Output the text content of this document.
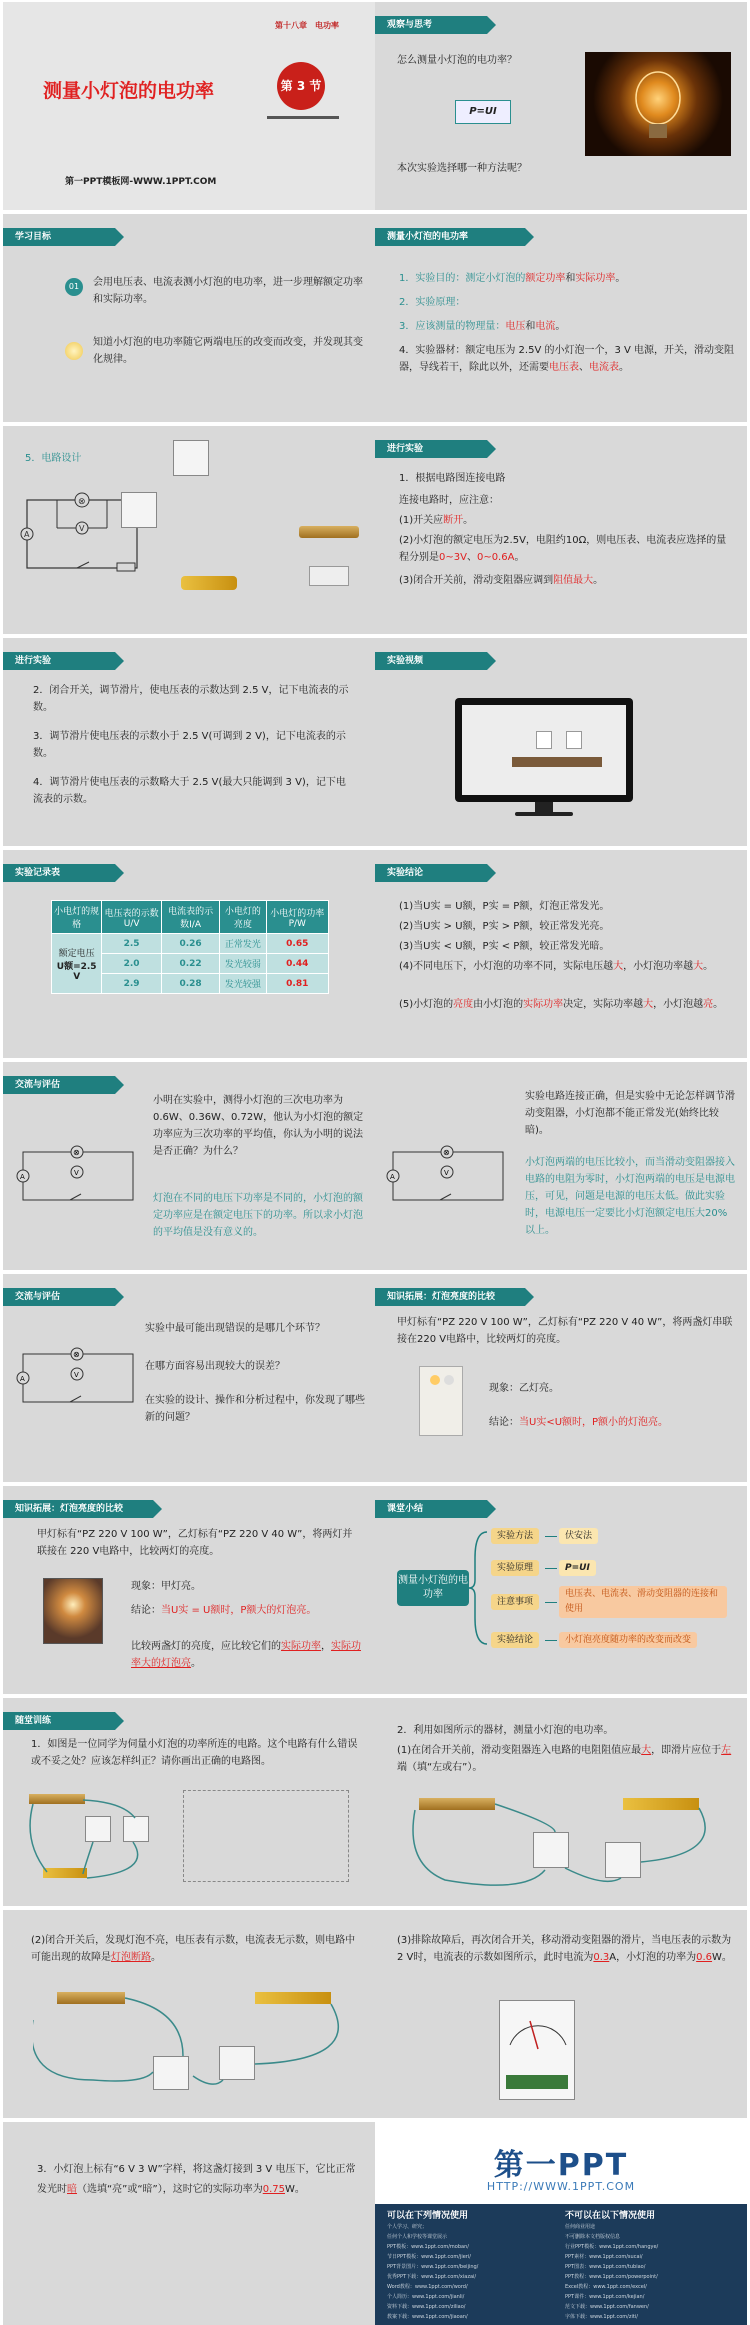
第十八章　电功率
测量小灯泡的电功率	第 3 节
第一PPT模板网-WWW.1PPT.COM
观察与思考
怎么测量小灯泡的电功率？
P=UI
本次实验选择哪一种方法呢？
学习目标
01	会用电压表、电流表测小灯泡的电功率，进一步理解额定功率和实际功率。
知道小灯泡的电功率随它两端电压的改变而改变，并发现其变化规律。
测量小灯泡的电功率
1．实验目的：测定小灯泡的额定功率和实际功率。
2．实验原理：
3．应该测量的物理量：电压和电流。
4．实验器材：额定电压为 2.5V 的小灯泡一个，3 V 电源，开关，滑动变阻器，导线若干，除此以外，还需要电压表、电流表。
5．电路设计
⊗
V
A
进行实验
1．根据电路图连接电路
连接电路时，应注意：
(1)开关应断开。
(2)小灯泡的额定电压为2.5V，电阻约10Ω，则电压表、电流表应选择的量程分别是0~3V、0~0.6A。
(3)闭合开关前，滑动变阻器应调到阻值最大。
进行实验
2．闭合开关，调节滑片，使电压表的示数达到 2.5 V，记下电流表的示数。
3．调节滑片使电压表的示数小于 2.5 V(可调到 2 V)，记下电流表的示数。
4．调节滑片使电压表的示数略大于 2.5 V(最大只能调到 3 V)，记下电流表的示数。
实验视频
实验记录表
小电灯的规格	电压表的示数U/V	电流表的示数I/A	小电灯的亮度	小电灯的功率P/W
额定电压
U额=2.5 V	2.5	0.26	正常发光	0.65
	2.0	0.22	发光较弱	0.44
	2.9	0.28	发光较强	0.81
实验结论
(1)当U实 = U额，P实 = P额，灯泡正常发光。
(2)当U实 > U额，P实 > P额，较正常发光亮。
(3)当U实 < U额，P实 < P额，较正常发光暗。
(4)不同电压下，小灯泡的功率不同，实际电压越大，小灯泡功率越大。
(5)小灯泡的亮度由小灯泡的实际功率决定，实际功率越大，小灯泡越亮。
交流与评估
⊗
V
A
小明在实验中，测得小灯泡的三次电功率为0.6W、0.36W、0.72W，他认为小灯泡的额定功率应为三次功率的平均值，你认为小明的说法是否正确？为什么？
灯泡在不同的电压下功率是不同的，小灯泡的额定功率应是在额定电压下的功率。所以求小灯泡的平均值是没有意义的。
⊗
V
A
实验电路连接正确，但是实验中无论怎样调节滑动变阻器，小灯泡都不能正常发光(始终比较暗)。
小灯泡两端的电压比较小，而当滑动变阻器接入电路的电阻为零时，小灯泡两端的电压是电源电压，可见，问题是电源的电压太低。做此实验时，电源电压一定要比小灯泡额定电压大20%以上。
交流与评估
⊗
V
A
实验中最可能出现错误的是哪几个环节？
在哪方面容易出现较大的误差？
在实验的设计、操作和分析过程中，你发现了哪些新的问题？
知识拓展：灯泡亮度的比较
甲灯标有“PZ 220 V 100 W”，乙灯标有“PZ 220 V 40 W”，将两盏灯串联接在220 V电路中，比较两灯的亮度。
现象：乙灯亮。
结论：当U实<U额时，P额小的灯泡亮。
知识拓展：灯泡亮度的比较
甲灯标有“PZ 220 V 100 W”，乙灯标有“PZ 220 V 40 W”，将两灯并联接在 220 V电路中，比较两灯的亮度。
现象：甲灯亮。
结论：当U实 = U额时，P额大的灯泡亮。
比较两盏灯的亮度，应比较它们的实际功率，实际功率大的灯泡亮。
课堂小结
测量小灯泡的电功率
实验方法	伏安法
实验原理	P=UI
注意事项
电压表、电流表、滑动变阻器的连接和使用
实验结论	小灯泡亮度随功率的改变而改变
随堂训练
1．如图是一位同学为伺量小灯泡的功率所连的电路。这个电路有什么错误或不妥之处？应该怎样纠正？请你画出正确的电路图。
2．利用如图所示的器材，测量小灯泡的电功率。
(1)在闭合开关前，滑动变阻器连入电路的电阻阻值应最大，即滑片应位于左端（填“左或右”）。
(2)闭合开关后，发现灯泡不亮，电压表有示数，电流表无示数，则电路中可能出现的故障是灯泡断路。
(3)排除故障后，再次闭合开关，移动滑动变阻器的滑片，当电压表的示数为2 V时，电流表的示数如图所示，此时电流为0.3A，小灯泡的功率为0.6W。
3．小灯泡上标有“6 V 3 W”字样，将这盏灯接到 3 V 电压下，它比正常发光时暗（选填“亮”或“暗”），这时它的实际功率为0.75W。
第一PPT
HTTP://WWW.1PPT.COM
可以在下列情况使用	不可以在以下情况使用
个人学习、研究；
任何个人和学校等课堂展示
PPT模板：www.1ppt.com/moban/
节日PPT模板：www.1ppt.com/jieri/
PPT背景图片：www.1ppt.com/beijing/
优秀PPT下载：www.1ppt.com/xiazai/
Word教程：www.1ppt.com/word/
个人简历：www.1ppt.com/jianli/
资料下载：www.1ppt.com/ziliao/
教案下载：www.1ppt.com/jiaoan/
任何商业用途
不可删除本文档版权信息
行业PPT模板：www.1ppt.com/hangye/
PPT素材：www.1ppt.com/sucai/
PPT图表：www.1ppt.com/tubiao/
PPT教程：www.1ppt.com/powerpoint/
Excel教程：www.1ppt.com/excel/
PPT课件：www.1ppt.com/kejian/
范文下载：www.1ppt.com/fanwen/
字体下载：www.1ppt.com/ziti/
